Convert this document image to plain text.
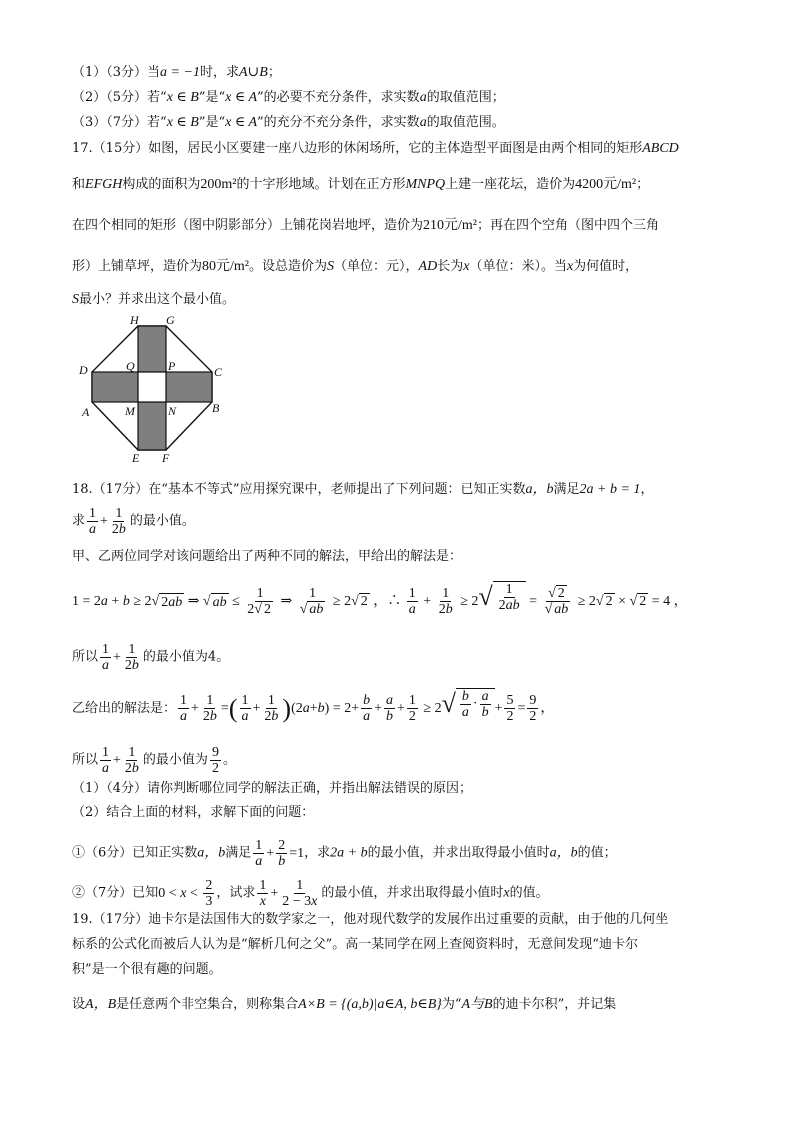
（1）（3分）当a = −1时，求A∪B；
（2）（5分）若“x ∈ B”是“x ∈ A”的必要不充分条件，求实数a的取值范围；
（3）（7分）若“x ∈ B”是“x ∈ A”的充分不充分条件，求实数a的取值范围。
17.（15分）如图，居民小区要建一座八边形的休闲场所，它的主体造型平面图是由两个相同的矩形ABCD
和EFGH构成的面积为200m²的十字形地域。计划在正方形MNPQ上建一座花坛，造价为4200元/m²；
在四个相同的矩形（图中阴影部分）上铺花岗岩地坪，造价为210元/m²；再在四个空角（图中四个三角
形）上铺草坪，造价为80元/m²。设总造价为S（单位：元），AD长为x（单位：米）。当x为何值时，
S最小？并求出这个最小值。
H G
D	Q	P	C
A	M	N	B
E F
18.（17分）在“基本不等式”应用探究课中，老师提出了下列问题：已知正实数a，b满足2a + b = 1，
求 $\frac{1}{a} + \frac{1}{2b}$ 的最小值。
甲、乙两位同学对该问题给出了两种不同的解法，甲给出的解法是：
1 = 2a + b ≥ 2√ 2ab ⇒ √ ab ≤ $\frac{1}{2√ 2}$ ⇒ $\frac{1}{√ ab} \ge 2√$ 2 ，∴ $\frac{1}{a} + \frac{1}{2b} \ge 2$ √ $\frac{1}{2ab} = \frac{√ 2}{√ ab} \ge 2√$ 2 × √ 2 = 4 ，
所以 $\frac{1}{a} + \frac{1}{2b}$ 的最小值为4。
乙给出的解法是： $\frac{1}{a} + \frac{1}{2b}$ =( $\frac{1}{a} + \frac{1}{2b} )(2a+b) = 2+ \frac{b}{a} + \frac{a}{b} + \frac{1}{2} \ge 2$ √ $\frac{b}{a} \cdot \frac{a}{b} + \frac{5}{2} = \frac{9}{2}$ ，
所以 $\frac{1}{a} + \frac{1}{2b}$ 的最小值为 $\frac{9}{2}$ 。
（1）（4分）请你判断哪位同学的解法正确，并指出解法错误的原因；
（2）结合上面的材料，求解下面的问题：
①（6分）已知正实数a，b满足 $\frac{1}{a} + \frac{2}{b} =1$，求2a + b的最小值，并求出取得最小值时a，b的值；
②（7分）已知$0 < x < \frac{2}{3}$ ，试求 $\frac{1}{x} + \frac{1}{2 - 3x}$ 的最小值，并求出取得最小值时x的值。
19.（17分）迪卡尔是法国伟大的数学家之一，他对现代数学的发展作出过重要的贡献，由于他的几何坐
标系的公式化而被后人认为是“解析几何之父”。高一某同学在网上查阅资料时，无意间发现“迪卡尔
积”是一个很有趣的问题。
设A，B是任意两个非空集合，则称集合A×B = {(a,b)|a∈A, b∈B}为“A与B的迪卡尔积”，并记集
